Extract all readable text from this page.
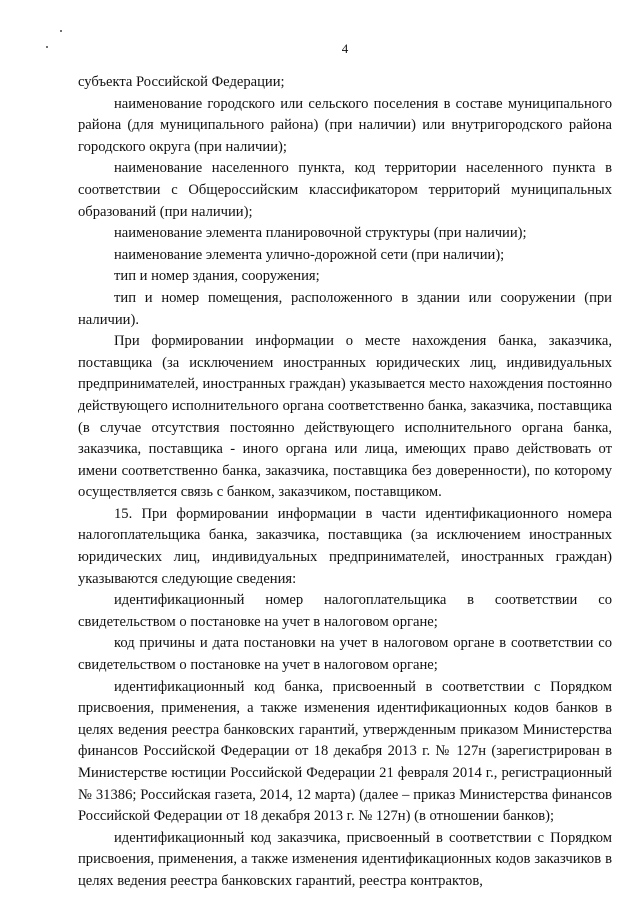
4

субъекта Российской Федерации;

наименование городского или сельского поселения в составе муниципального района (для муниципального района) (при наличии) или внутригородского района городского округа (при наличии);

наименование населенного пункта, код территории населенного пункта в соответствии с Общероссийским классификатором территорий муниципальных образований (при наличии);

наименование элемента планировочной структуры (при наличии);

наименование элемента улично-дорожной сети (при наличии);

тип и номер здания, сооружения;

тип и номер помещения, расположенного в здании или сооружении (при наличии).

При формировании информации о месте нахождения банка, заказчика, поставщика (за исключением иностранных юридических лиц, индивидуальных предпринимателей, иностранных граждан) указывается место нахождения постоянно действующего исполнительного органа соответственно банка, заказчика, поставщика (в случае отсутствия постоянно действующего исполнительного органа банка, заказчика, поставщика - иного органа или лица, имеющих право действовать от имени соответственно банка, заказчика, поставщика без доверенности), по которому осуществляется связь с банком, заказчиком, поставщиком.

15. При формировании информации в части идентификационного номера налогоплательщика банка, заказчика, поставщика (за исключением иностранных юридических лиц, индивидуальных предпринимателей, иностранных граждан) указываются следующие сведения:

идентификационный номер налогоплательщика в соответствии со свидетельством о постановке на учет в налоговом органе;

код причины и дата постановки на учет в налоговом органе в соответствии со свидетельством о постановке на учет в налоговом органе;

идентификационный код банка, присвоенный в соответствии с Порядком присвоения, применения, а также изменения идентификационных кодов банков в целях ведения реестра банковских гарантий, утвержденным приказом Министерства финансов Российской Федерации от 18 декабря 2013 г. № 127н (зарегистрирован в Министерстве юстиции Российской Федерации 21 февраля 2014 г., регистрационный № 31386; Российская газета, 2014, 12 марта) (далее – приказ Министерства финансов Российской Федерации от 18 декабря 2013 г. № 127н) (в отношении банков);

идентификационный код заказчика, присвоенный в соответствии с Порядком присвоения, применения, а также изменения идентификационных кодов заказчиков в целях ведения реестра банковских гарантий, реестра контрактов,
